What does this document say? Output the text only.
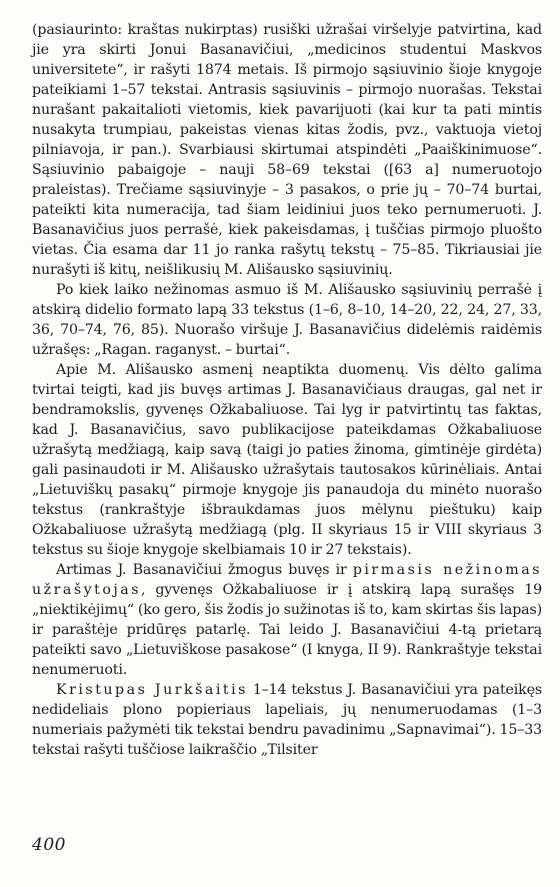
(pasiaurinto: kraštas nukirptas) rusiški užrašai viršelyje patvirtina, kad jie yra skirti Jonui Basanavičiui, „medicinos studentui Maskvos universitete“, ir rašyti 1874 metais. Iš pirmojo sąsiuvinio šioje knygoje pateikiami 1–57 tekstai. Antrasis sąsiuvinis – pirmojo nuorašas. Tekstai nurašant pakaitalioti vietomis, kiek pavarijuoti (kai kur ta pati mintis nusakyta trumpiau, pakeistas vienas kitas žodis, pvz., vaktuoja vietoj pilniavoja, ir pan.). Svarbiausi skirtumai atspindėti „Paaiškinimuose“. Sąsiuvinio pabaigoje – nauji 58–69 tekstai ([63 a] numeruotojo praleistas). Trečiame sąsiuvinyje – 3 pasakos, o prie jų – 70–74 burtai, pateikti kita numeracija, tad šiam leidiniui juos teko pernumeruoti. J. Basanavičius juos perrašė, kiek pakeisdamas, į tuščias pirmojo pluošto vietas. Čia esama dar 11 jo ranka rašytų tekstų – 75–85. Tikriausiai jie nurašyti iš kitų, neišlikusių M. Ališausko sąsiuvinių.

Po kiek laiko nežinomas asmuo iš M. Ališausko sąsiuvinių perrašė į atskirą didelio formato lapą 33 tekstus (1–6, 8–10, 14–20, 22, 24, 27, 33, 36, 70–74, 76, 85). Nuorašo viršuje J. Basanavičius didelėmis raidėmis užrašęs: „Ragan. raganyst. – burtai“.

Apie M. Ališausko asmenį neaptikta duomenų. Vis dėlto galima tvirtai teigti, kad jis buvęs artimas J. Basanavičiaus draugas, gal net ir bendramokslis, gyvenęs Ožkabaliuose. Tai lyg ir patvirtintų tas faktas, kad J. Basanavičius, savo publikacijose pateikdamas Ožkabaliuose užrašytą medžiagą, kaip savą (taigi jo paties žinoma, gimtinėje girdėta) gali pasinaudoti ir M. Ališausko užrašytais tautosakos kūrinėliais. Antai „Lietuviškų pasakų“ pirmoje knygoje jis panaudoja du minėto nuorašo tekstus (rankraštyje išbraukdamas juos mėlynu pieštuku) kaip Ožkabaliuose užrašytą medžiagą (plg. II skyriaus 15 ir VIII skyriaus 3 tekstus su šioje knygoje skelbiamais 10 ir 27 tekstais).

Artimas J. Basanavičiui žmogus buvęs ir pirmasis nežinomas užrašytojas, gyvenęs Ožkabaliuose ir į atskirą lapą surašęs 19 „niektikėjimų“ (ko gero, šis žodis jo sužinotas iš to, kam skirtas šis lapas) ir paraštėje pridūręs patarlę. Tai leido J. Basanavičiui 4-tą prietarą pateikti savo „Lietuviškose pasakose“ (I knyga, II 9). Rankraštyje tekstai nenumeruoti.

Kristupas Jurkšaitis 1–14 tekstus J. Basanavičiui yra pateikęs nedideliais plono popieriaus lapeliais, jų nenumeruodamas (1–3 numeriais pažymėti tik tekstai bendru pavadinimu „Sapnavimai“). 15–33 tekstai rašyti tuščiose laikraščio „Tilsiter

400
